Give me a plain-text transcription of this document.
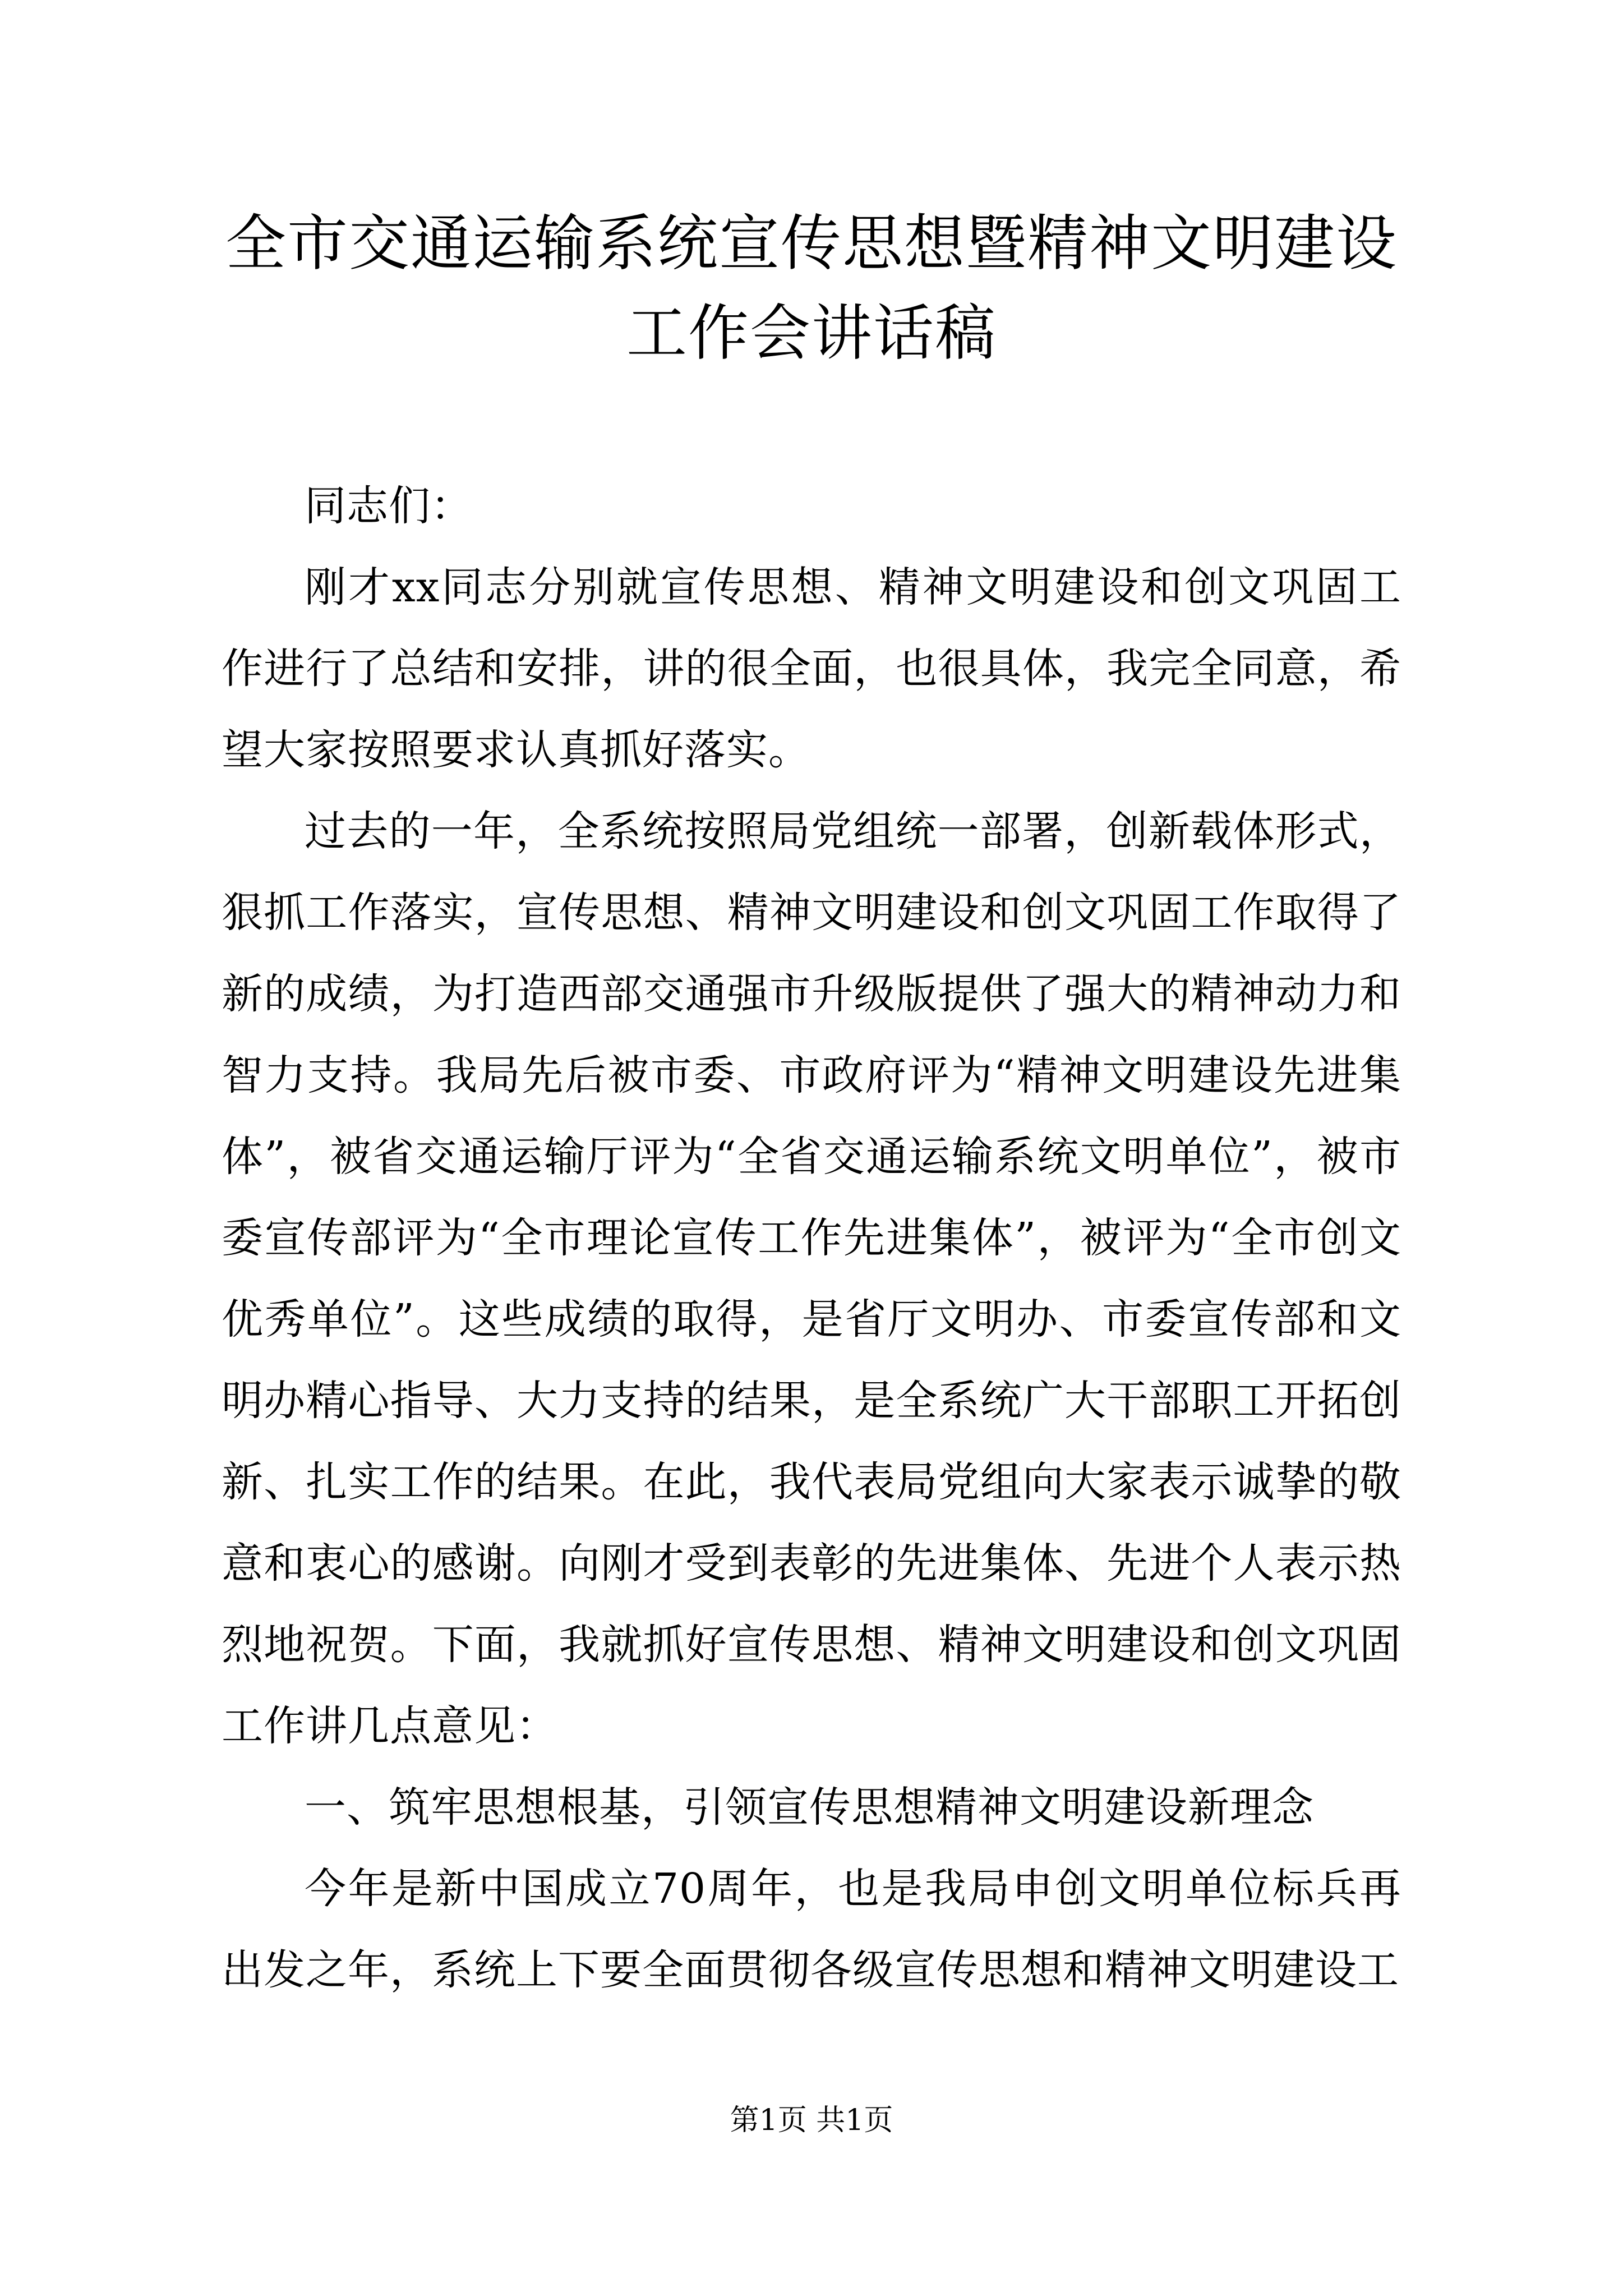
全市交通运输系统宣传思想暨精神文明建设工作会讲话稿

同志们：

刚才xx同志分别就宣传思想、精神文明建设和创文巩固工作进行了总结和安排，讲的很全面，也很具体，我完全同意，希望大家按照要求认真抓好落实。

过去的一年，全系统按照局党组统一部署，创新载体形式，狠抓工作落实，宣传思想、精神文明建设和创文巩固工作取得了新的成绩，为打造西部交通强市升级版提供了强大的精神动力和智力支持。我局先后被市委、市政府评为“精神文明建设先进集体”，被省交通运输厅评为“全省交通运输系统文明单位”，被市委宣传部评为“全市理论宣传工作先进集体”，被评为“全市创文优秀单位”。这些成绩的取得，是省厅文明办、市委宣传部和文明办精心指导、大力支持的结果，是全系统广大干部职工开拓创新、扎实工作的结果。在此，我代表局党组向大家表示诚挚的敬意和衷心的感谢。向刚才受到表彰的先进集体、先进个人表示热烈地祝贺。下面，我就抓好宣传思想、精神文明建设和创文巩固工作讲几点意见：

一、筑牢思想根基，引领宣传思想精神文明建设新理念

今年是新中国成立70周年，也是我局申创文明单位标兵再出发之年，系统上下要全面贯彻各级宣传思想和精神文明建设工

第1页 共1页
